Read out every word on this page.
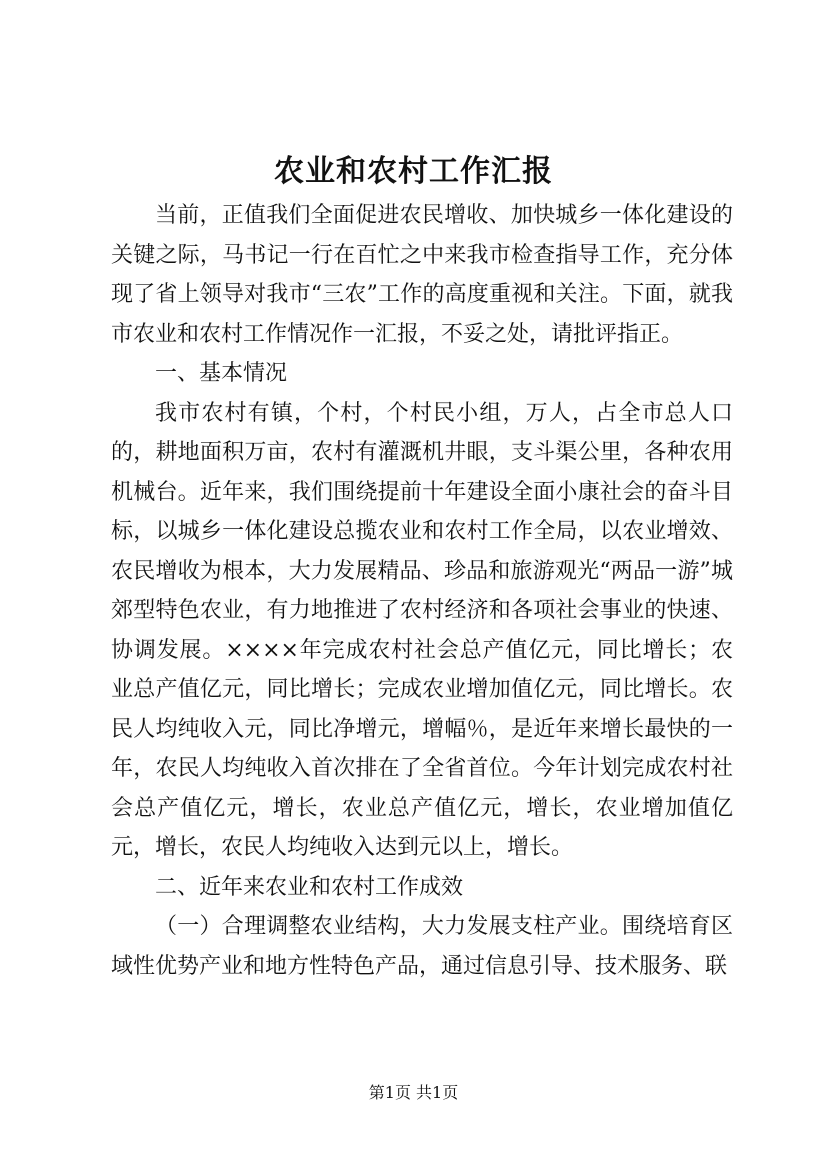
农业和农村工作汇报

当前，正值我们全面促进农民增收、加快城乡一体化建设的关键之际，马书记一行在百忙之中来我市检查指导工作，充分体现了省上领导对我市“三农”工作的高度重视和关注。下面，就我市农业和农村工作情况作一汇报，不妥之处，请批评指正。

一、基本情况

我市农村有镇，个村，个村民小组，万人，占全市总人口的，耕地面积万亩，农村有灌溉机井眼，支斗渠公里，各种农用机械台。近年来，我们围绕提前十年建设全面小康社会的奋斗目标，以城乡一体化建设总揽农业和农村工作全局，以农业增效、农民增收为根本，大力发展精品、珍品和旅游观光“两品一游”城郊型特色农业，有力地推进了农村经济和各项社会事业的快速、协调发展。××××年完成农村社会总产值亿元，同比增长；农业总产值亿元，同比增长；完成农业增加值亿元，同比增长。农民人均纯收入元，同比净增元，增幅％，是近年来增长最快的一年，农民人均纯收入首次排在了全省首位。今年计划完成农村社会总产值亿元，增长，农业总产值亿元，增长，农业增加值亿元，增长，农民人均纯收入达到元以上，增长。

二、近年来农业和农村工作成效

（一）合理调整农业结构，大力发展支柱产业。围绕培育区域性优势产业和地方性特色产品，通过信息引导、技术服务、联

第1页 共1页
